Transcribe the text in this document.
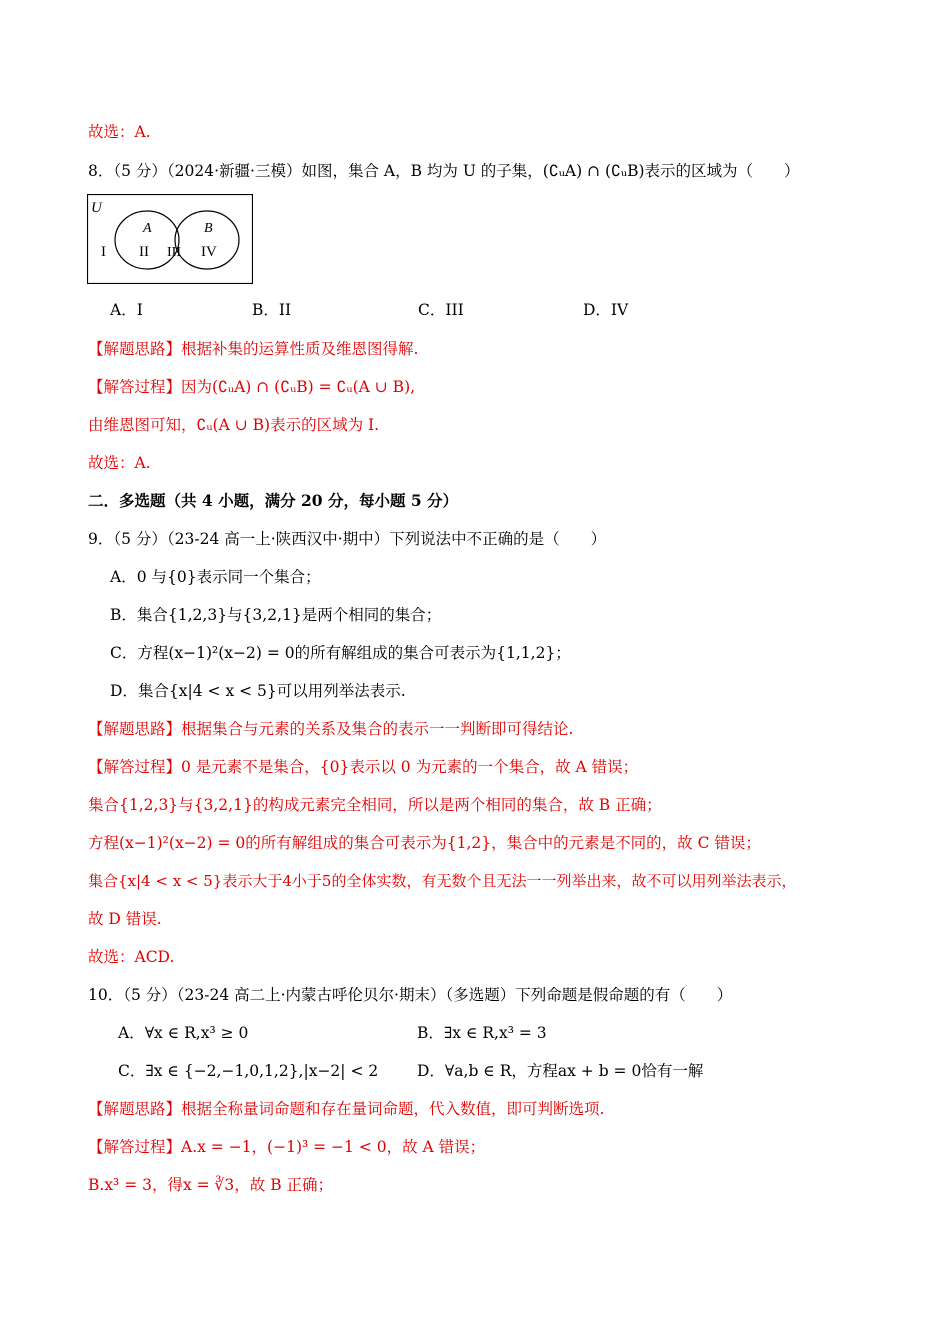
故选：A.
8．（5 分）（2024·新疆·三模）如图，集合 A，B 均为 U 的子集，(∁ᵤA) ∩ (∁ᵤB)表示的区域为（　　）
U
A	B
I II III IV
A．I	B．II	C．III	D．IV
【解题思路】根据补集的运算性质及维恩图得解.
【解答过程】因为(∁ᵤA) ∩ (∁ᵤB) = ∁ᵤ(A ∪ B),
由维恩图可知，∁ᵤ(A ∪ B)表示的区域为 I.
故选：A.
二．多选题（共 4 小题，满分 20 分，每小题 5 分）
9．（5 分）（23-24 高一上·陕西汉中·期中）下列说法中不正确的是（　　）
A．0 与{0}表示同一个集合；
B．集合{1,2,3}与{3,2,1}是两个相同的集合；
C．方程(x−1)²(x−2) = 0的所有解组成的集合可表示为{1,1,2}；
D．集合{x|4 < x < 5}可以用列举法表示.
【解题思路】根据集合与元素的关系及集合的表示一一判断即可得结论.
【解答过程】0 是元素不是集合，{0}表示以 0 为元素的一个集合，故 A 错误；
集合{1,2,3}与{3,2,1}的构成元素完全相同，所以是两个相同的集合，故 B 正确；
方程(x−1)²(x−2) = 0的所有解组成的集合可表示为{1,2}，集合中的元素是不同的，故 C 错误；
集合{x|4 < x < 5}表示大于4小于5的全体实数，有无数个且无法一一列举出来，故不可以用列举法表示，
故 D 错误.
故选：ACD.
10．（5 分）（23-24 高二上·内蒙古呼伦贝尔·期末）（多选题）下列命题是假命题的有（　　）
A．∀x ∈ R,x³ ≥ 0	B．∃x ∈ R,x³ = 3
C．∃x ∈ {−2,−1,0,1,2},|x−2| < 2	D．∀a,b ∈ R，方程ax + b = 0恰有一解
【解题思路】根据全称量词命题和存在量词命题，代入数值，即可判断选项.
【解答过程】A.x = −1，(−1)³ = −1 < 0，故 A 错误；
B.x³ = 3，得x = ∛3，故 B 正确；
